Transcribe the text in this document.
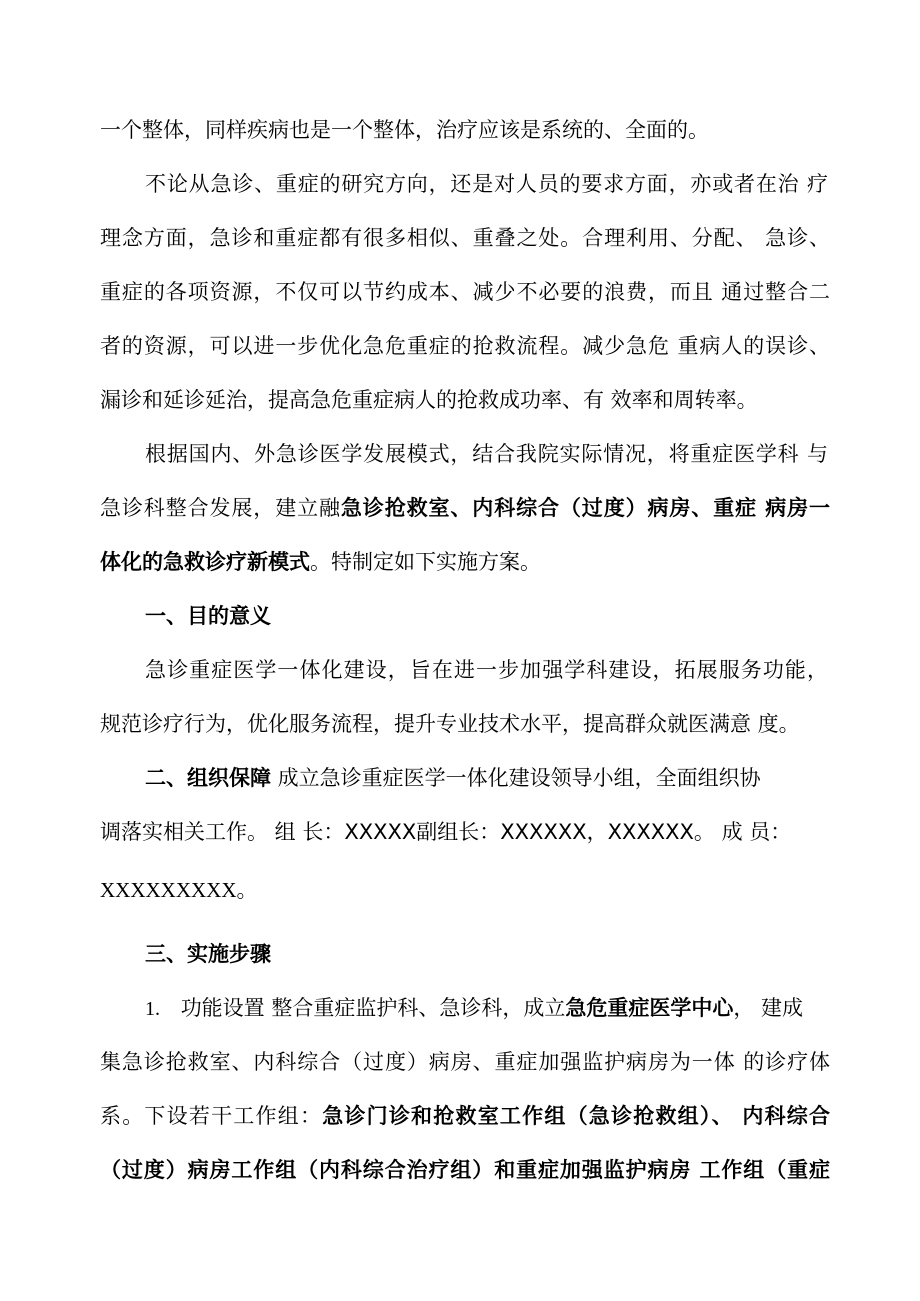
一个整体，同样疾病也是一个整体，治疗应该是系统的、全面的。
不论从急诊、重症的研究方向，还是对人员的要求方面，亦或者在治 疗
理念方面，急诊和重症都有很多相似、重叠之处。合理利用、分配、 急诊、
重症的各项资源，不仅可以节约成本、减少不必要的浪费，而且 通过整合二
者的资源，可以进一步优化急危重症的抢救流程。减少急危 重病人的误诊、
漏诊和延诊延治，提高急危重症病人的抢救成功率、有 效率和周转率。
根据国内、外急诊医学发展模式，结合我院实际情况，将重症医学科 与
急诊科整合发展，建立融急诊抢救室、内科综合（过度）病房、重症 病房一
体化的急救诊疗新模式。特制定如下实施方案。
一、目的意义
急诊重症医学一体化建设，旨在进一步加强学科建设，拓展服务功能，
规范诊疗行为，优化服务流程，提升专业技术水平，提高群众就医满意 度。
二、组织保障 成立急诊重症医学一体化建设领导小组，全面组织协
调落实相关工作。 组 长：XXXXX副组长：XXXXXX，XXXXXX。 成 员：
XXXXXXXXX。
三、实施步骤
1. 功能设置 整合重症监护科、急诊科，成立急危重症医学中心， 建成
集急诊抢救室、内科综合（过度）病房、重症加强监护病房为一体 的诊疗体
系。下设若干工作组：急诊门诊和抢救室工作组（急诊抢救组）、 内科综合
（过度）病房工作组（内科综合治疗组）和重症加强监护病房 工作组（重症
